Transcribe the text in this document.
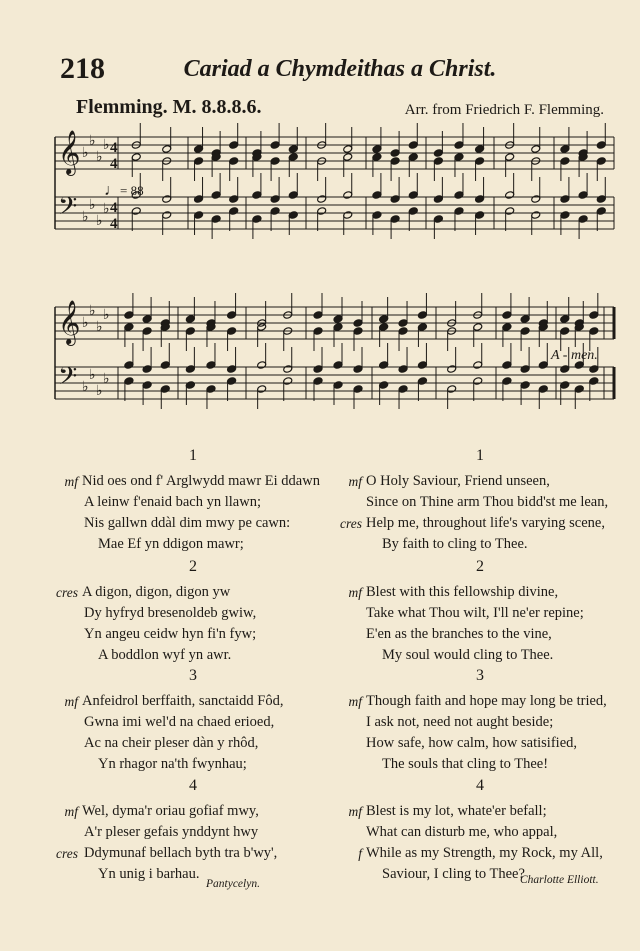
218	Cariad a Chymdeithas a Christ.
Flemming. M. 8.8.8.6.	Arr. from Friedrich F. Flemming.
𝄞
𝄢
♭
♭
♭
♭
♭
♭
♭
♭
4
4
4
4
𝄞
𝄢
♭
♭
♭
♭
♭
♭
♭
♭
♩= 88
A - men.
1
Nid oes ond f' Arglwydd mawr Ei ddawn
mf
A leinw f'enaid bach yn llawn;
Nis gallwn ddàl dim mwy pe cawn:
Mae Ef yn ddigon mawr;
2
A digon, digon, digon yw
cres
Dy hyfryd bresenoldeb gwiw,
Yn angeu ceidw hyn fi'n fyw;
A boddlon wyf yn awr.
3
Anfeidrol berffaith, sanctaidd Fôd,
mf
Gwna imi wel'd na chaed erioed,
Ac na cheir pleser dàn y rhôd,
Yn rhagor na'th fwynhau;
4
Wel, dyma'r oriau gofiaf mwy,
mf
A'r pleser gefais ynddynt hwy
Ddymunaf bellach byth tra b'wy',
cres
Yn unig i barhau.
1
O Holy Saviour, Friend unseen,
mf
Since on Thine arm Thou bidd'st me lean,
Help me, throughout life's varying scene,
cres
By faith to cling to Thee.
2
Blest with this fellowship divine,
mf
Take what Thou wilt, I'll ne'er repine;
E'en as the branches to the vine,
My soul would cling to Thee.
3
Though faith and hope may long be tried,
mf
I ask not, need not aught beside;
How safe, how calm, how satisified,
The souls that cling to Thee!
4
Blest is my lot, whate'er befall;
mf
What can disturb me, who appal,
While as my Strength, my Rock, my All,
f
Saviour, I cling to Thee?
Pantycelyn.	Charlotte Elliott.
